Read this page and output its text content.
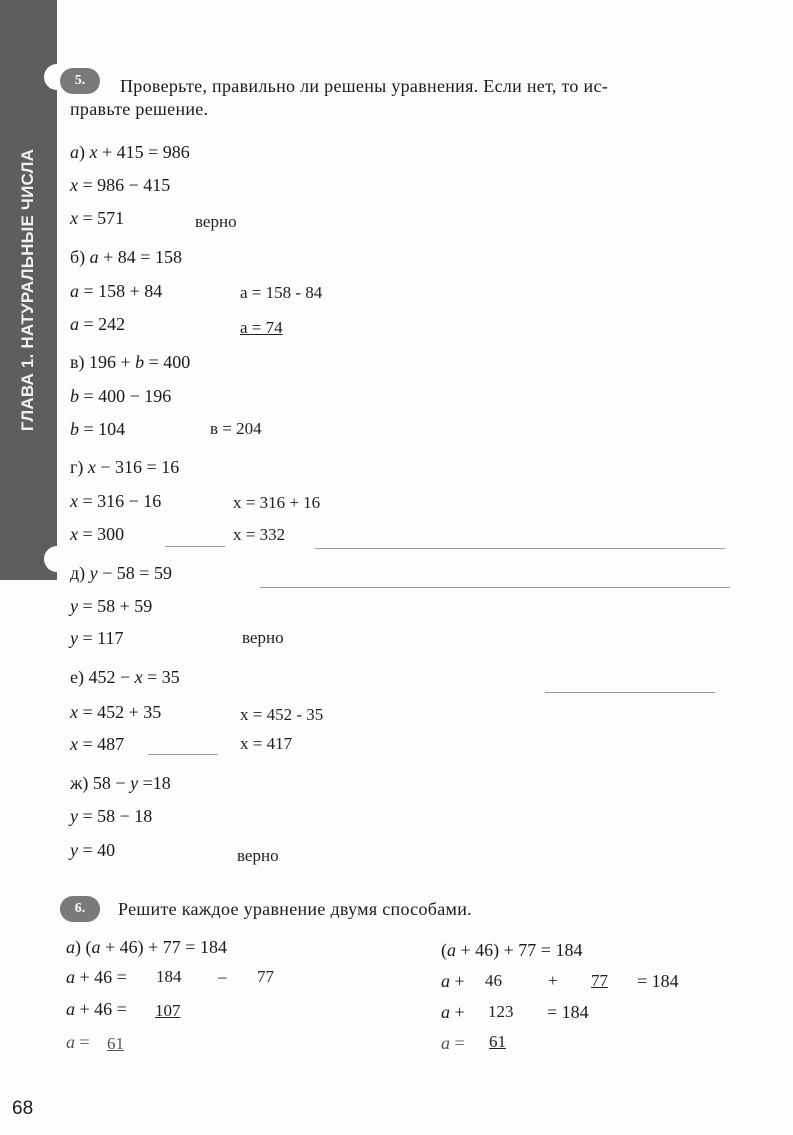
ГЛАВА 1. НАТУРАЛЬНЫЕ ЧИСЛА
5.	Проверьте, правильно ли решены уравнения. Если нет, то ис-
правьте решение.
а) x + 415 = 986
x = 986 − 415
x = 571	верно
б) a + 84 = 158
a = 158 + 84	a = 158 - 84
a = 242	a = 74
в) 196 + b = 400
b = 400 − 196
b = 104	в = 204
г) x − 316 = 16
x = 316 − 16	x = 316 + 16
x = 300	x = 332
д) y − 58 = 59
y = 58 + 59
y = 117	верно
е) 452 − x = 35
x = 452 + 35	x = 452 - 35
x = 487	x = 417
ж) 58 − y =18
y = 58 − 18
y = 40	верно
6.	Решите каждое уравнение двумя способами.
а) (a + 46) + 77 = 184
a + 46 = 184 – 77
a + 46 = 107
a = 61
(a + 46) + 77 = 184
a + 46	+ 77 = 184
a + 123 = 184
a = 61
68
